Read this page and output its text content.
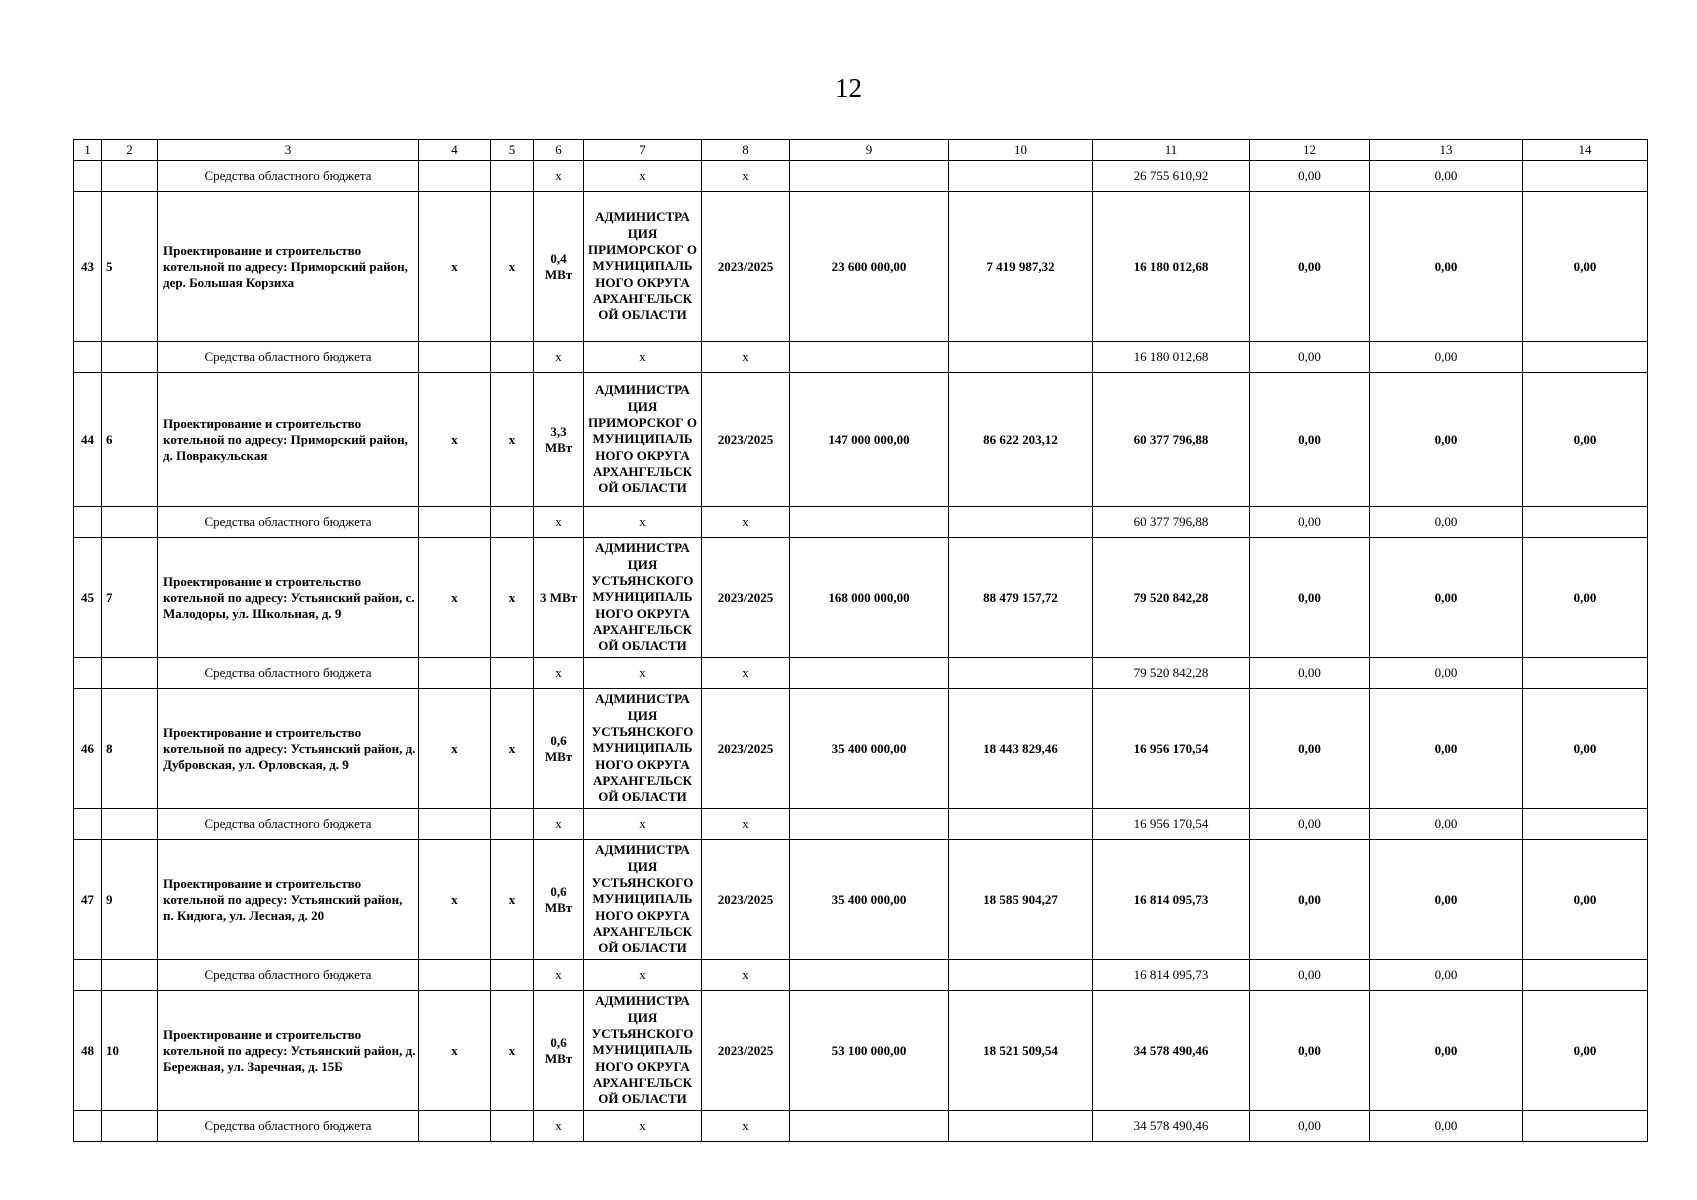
12
1	2	3	4	5	6	7	8	9	10	11	12	13	14
		Средства областного бюджета			x	x	x			26 755 610,92	0,00	0,00	
43	5	Проектирование и строительство котельной по адресу: Приморский район, дер. Большая Корзиха	x	x	0,4 МВт	АДМИНИСТРА ЦИЯ ПРИМОРСКОГ О МУНИЦИПАЛЬ НОГО ОКРУГА АРХАНГЕЛЬСК ОЙ ОБЛАСТИ	2023/2025	23 600 000,00	7 419 987,32	16 180 012,68	0,00	0,00	0,00
		Средства областного бюджета			x	x	x			16 180 012,68	0,00	0,00	
44	6	Проектирование и строительство котельной по адресу: Приморский район, д. Повракульская	x	x	3,3 МВт	АДМИНИСТРА ЦИЯ ПРИМОРСКОГ О МУНИЦИПАЛЬ НОГО ОКРУГА АРХАНГЕЛЬСК ОЙ ОБЛАСТИ	2023/2025	147 000 000,00	86 622 203,12	60 377 796,88	0,00	0,00	0,00
		Средства областного бюджета			x	x	x			60 377 796,88	0,00	0,00	
45	7	Проектирование и строительство котельной по адресу: Устьянский район, с. Малодоры, ул. Школьная, д. 9	x	x	3 МВт	АДМИНИСТРА ЦИЯ УСТЬЯНСКОГО МУНИЦИПАЛЬ НОГО ОКРУГА АРХАНГЕЛЬСК ОЙ ОБЛАСТИ	2023/2025	168 000 000,00	88 479 157,72	79 520 842,28	0,00	0,00	0,00
		Средства областного бюджета			x	x	x			79 520 842,28	0,00	0,00	
46	8	Проектирование и строительство котельной по адресу: Устьянский район, д. Дубровская, ул. Орловская, д. 9	x	x	0,6 МВт	АДМИНИСТРА ЦИЯ УСТЬЯНСКОГО МУНИЦИПАЛЬ НОГО ОКРУГА АРХАНГЕЛЬСК ОЙ ОБЛАСТИ	2023/2025	35 400 000,00	18 443 829,46	16 956 170,54	0,00	0,00	0,00
		Средства областного бюджета			x	x	x			16 956 170,54	0,00	0,00	
47	9	Проектирование и строительство котельной по адресу: Устьянский район, п. Кидюга, ул. Лесная, д. 20	x	x	0,6 МВт	АДМИНИСТРА ЦИЯ УСТЬЯНСКОГО МУНИЦИПАЛЬ НОГО ОКРУГА АРХАНГЕЛЬСК ОЙ ОБЛАСТИ	2023/2025	35 400 000,00	18 585 904,27	16 814 095,73	0,00	0,00	0,00
		Средства областного бюджета			x	x	x			16 814 095,73	0,00	0,00	
48	10	Проектирование и строительство котельной по адресу: Устьянский район, д. Бережная, ул. Заречная, д. 15Б	x	x	0,6 МВт	АДМИНИСТРА ЦИЯ УСТЬЯНСКОГО МУНИЦИПАЛЬ НОГО ОКРУГА АРХАНГЕЛЬСК ОЙ ОБЛАСТИ	2023/2025	53 100 000,00	18 521 509,54	34 578 490,46	0,00	0,00	0,00
		Средства областного бюджета			x	x	x			34 578 490,46	0,00	0,00	
